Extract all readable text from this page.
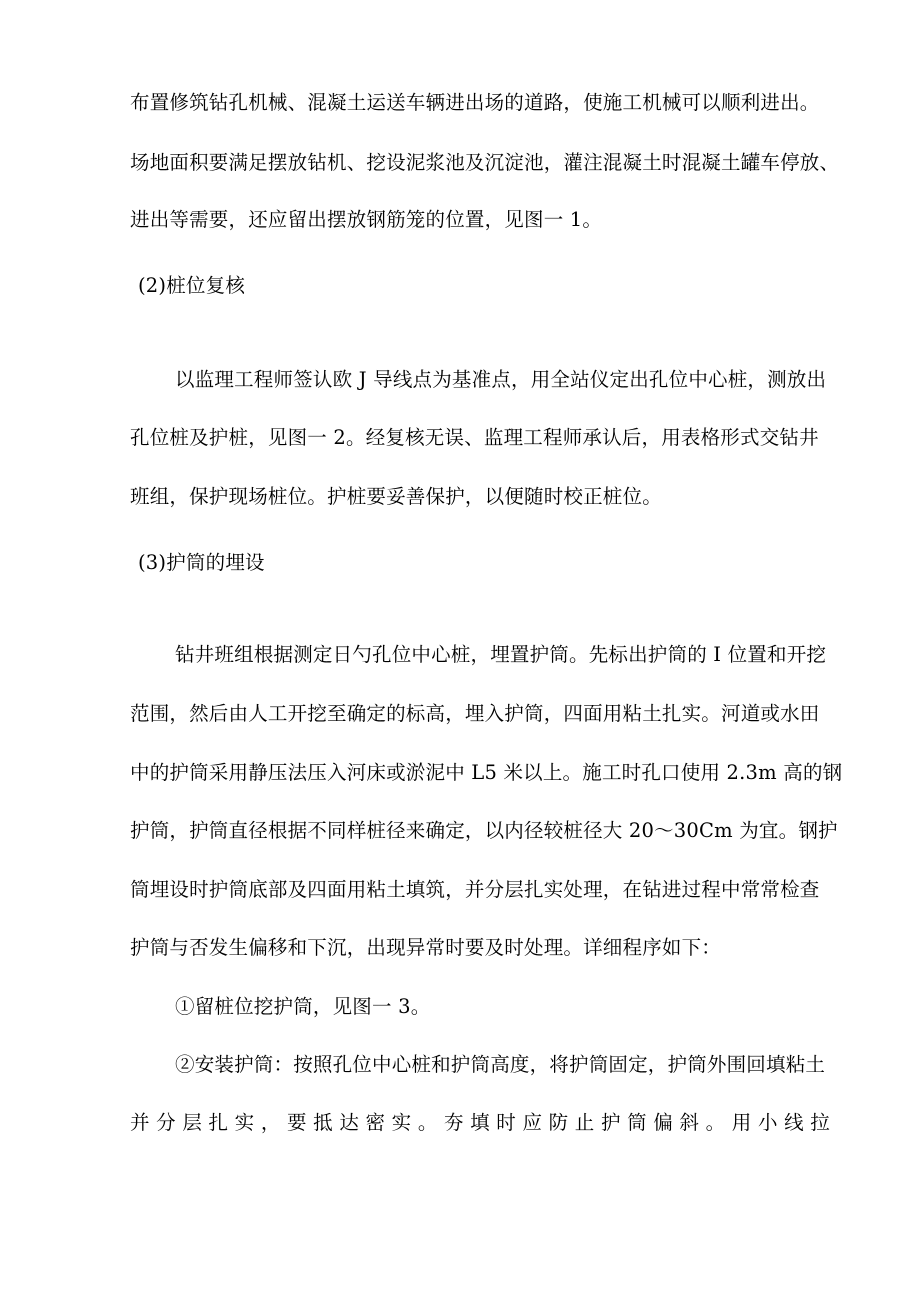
布置修筑钻孔机械、混凝土运送车辆进出场的道路，使施工机械可以顺利进出。
场地面积要满足摆放钻机、挖设泥浆池及沉淀池，灌注混凝土时混凝土罐车停放、
进出等需要，还应留出摆放钢筋笼的位置，见图一 1。
(2)桩位复核
以监理工程师签认欧 J 导线点为基准点，用全站仪定出孔位中心桩，测放出
孔位桩及护桩，见图一 2。经复核无误、监理工程师承认后，用表格形式交钻井
班组，保护现场桩位。护桩要妥善保护，以便随时校正桩位。
(3)护筒的埋设
钻井班组根据测定日勺孔位中心桩，埋置护筒。先标出护筒的 I 位置和开挖
范围，然后由人工开挖至确定的标高，埋入护筒，四面用粘土扎实。河道或水田
中的护筒采用静压法压入河床或淤泥中 L5 米以上。施工时孔口使用 2.3m 高的钢
护筒，护筒直径根据不同样桩径来确定，以内径较桩径大 20～30Cm 为宜。钢护
筒埋设时护筒底部及四面用粘土填筑，并分层扎实处理，在钻进过程中常常检查
护筒与否发生偏移和下沉，出现异常时要及时处理。详细程序如下：
①留桩位挖护筒，见图一 3。
②安装护筒：按照孔位中心桩和护筒高度，将护筒固定，护筒外围回填粘土
并分层扎实，要抵达密实。夯填时应防止护筒偏斜。用小线拉
